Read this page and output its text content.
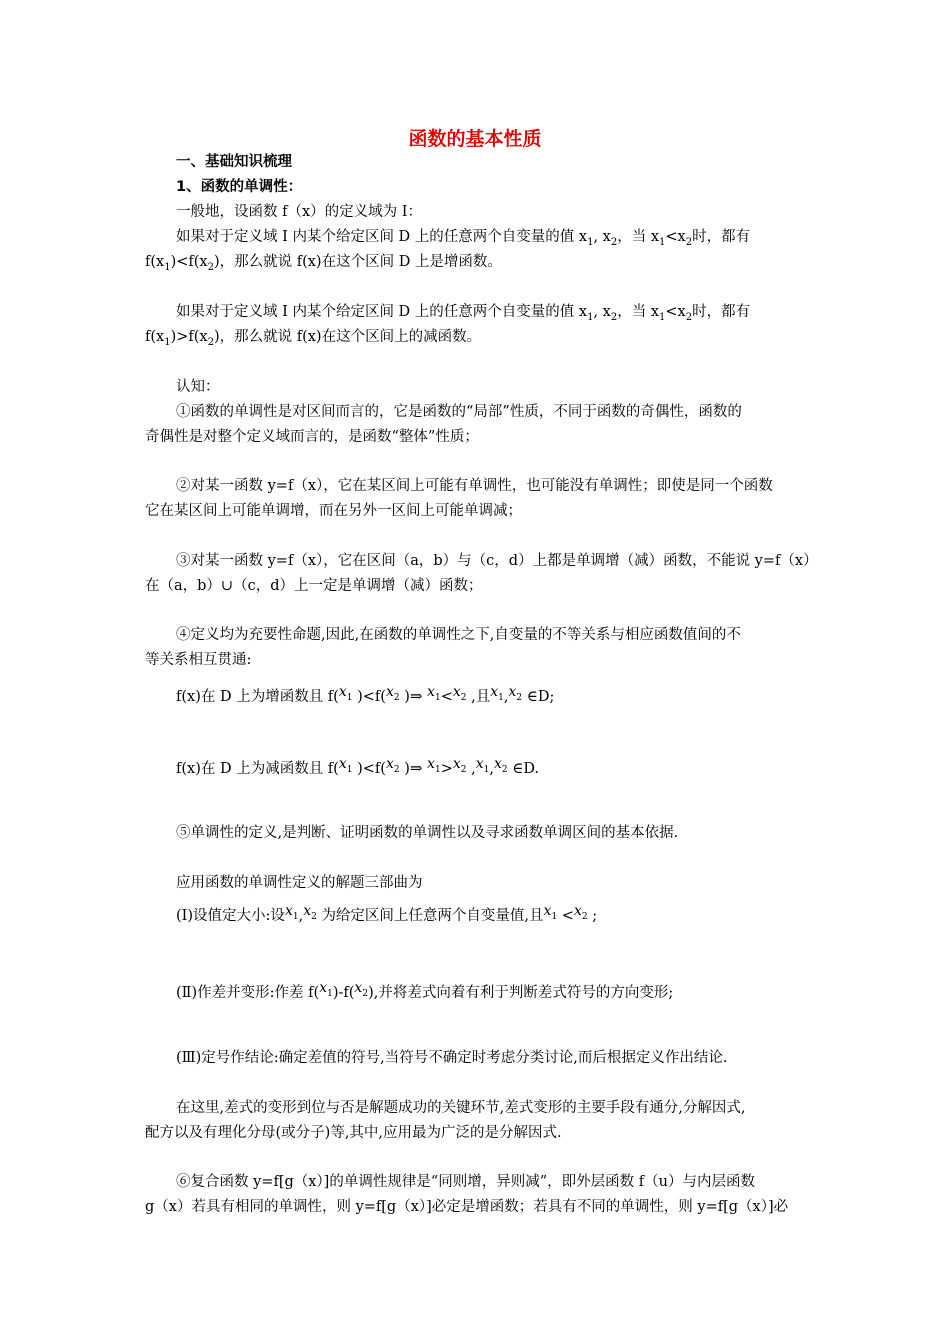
函数的基本性质
一、基础知识梳理
1、函数的单调性：
一般地，设函数 f（x）的定义域为 I：
如果对于定义域 I 内某个给定区间 D 上的任意两个自变量的值 $x_1$, $x_2$，当 $x_1<x_2$时，都有
$f(x_1)<f(x_2)$，那么就说 f(x)在这个区间 D 上是增函数。
如果对于定义域 I 内某个给定区间 D 上的任意两个自变量的值 $x_1$, $x_2$，当 $x_1<x_2$时，都有
$f(x_1)>f(x_2)$，那么就说 f(x)在这个区间上的减函数。
认知：
①函数的单调性是对区间而言的，它是函数的“局部”性质，不同于函数的奇偶性，函数的
奇偶性是对整个定义域而言的，是函数“整体”性质；
②对某一函数 y=f（x），它在某区间上可能有单调性，也可能没有单调性；即使是同一个函数
它在某区间上可能单调增，而在另外一区间上可能单调减；
③对某一函数 y=f（x），它在区间（a，b）与（c，d）上都是单调增（减）函数，不能说 y=f（x）
在（a，b）∪（c，d）上一定是单调增（减）函数；
④定义均为充要性命题,因此,在函数的单调性之下,自变量的不等关系与相应函数值间的不
等关系相互贯通:
f(x)在 D 上为增函数且 $f(x_1$ )$<f(x_2$ )⇒ $x_1<x_2$ ,且$x_1,x_2$ ∈D;
f(x)在 D 上为减函数且 $f(x_1$ )$<f(x_2$ )⇒ $x_1>x_2$ $,x_1,x_2$ ∈D.
⑤单调性的定义,是判断、证明函数的单调性以及寻求函数单调区间的基本依据.
应用函数的单调性定义的解题三部曲为
(Ⅰ)设值定大小:设$x_1,x_2$ 为给定区间上任意两个自变量值,且$x_1 <x_2$ ;
(Ⅱ)作差并变形:作差 $f(x_1)-f(x_2)$,并将差式向着有利于判断差式符号的方向变形;
(Ⅲ)定号作结论:确定差值的符号,当符号不确定时考虑分类讨论,而后根据定义作出结论.
在这里,差式的变形到位与否是解题成功的关键环节,差式变形的主要手段有通分,分解因式,
配方以及有理化分母(或分子)等,其中,应用最为广泛的是分解因式.
⑥复合函数 y=f[g（x）]的单调性规律是“同则增，异则减”，即外层函数 f（u）与内层函数
g（x）若具有相同的单调性，则 y=f[g（x）]必定是增函数；若具有不同的单调性，则 y=f[g（x）]必
